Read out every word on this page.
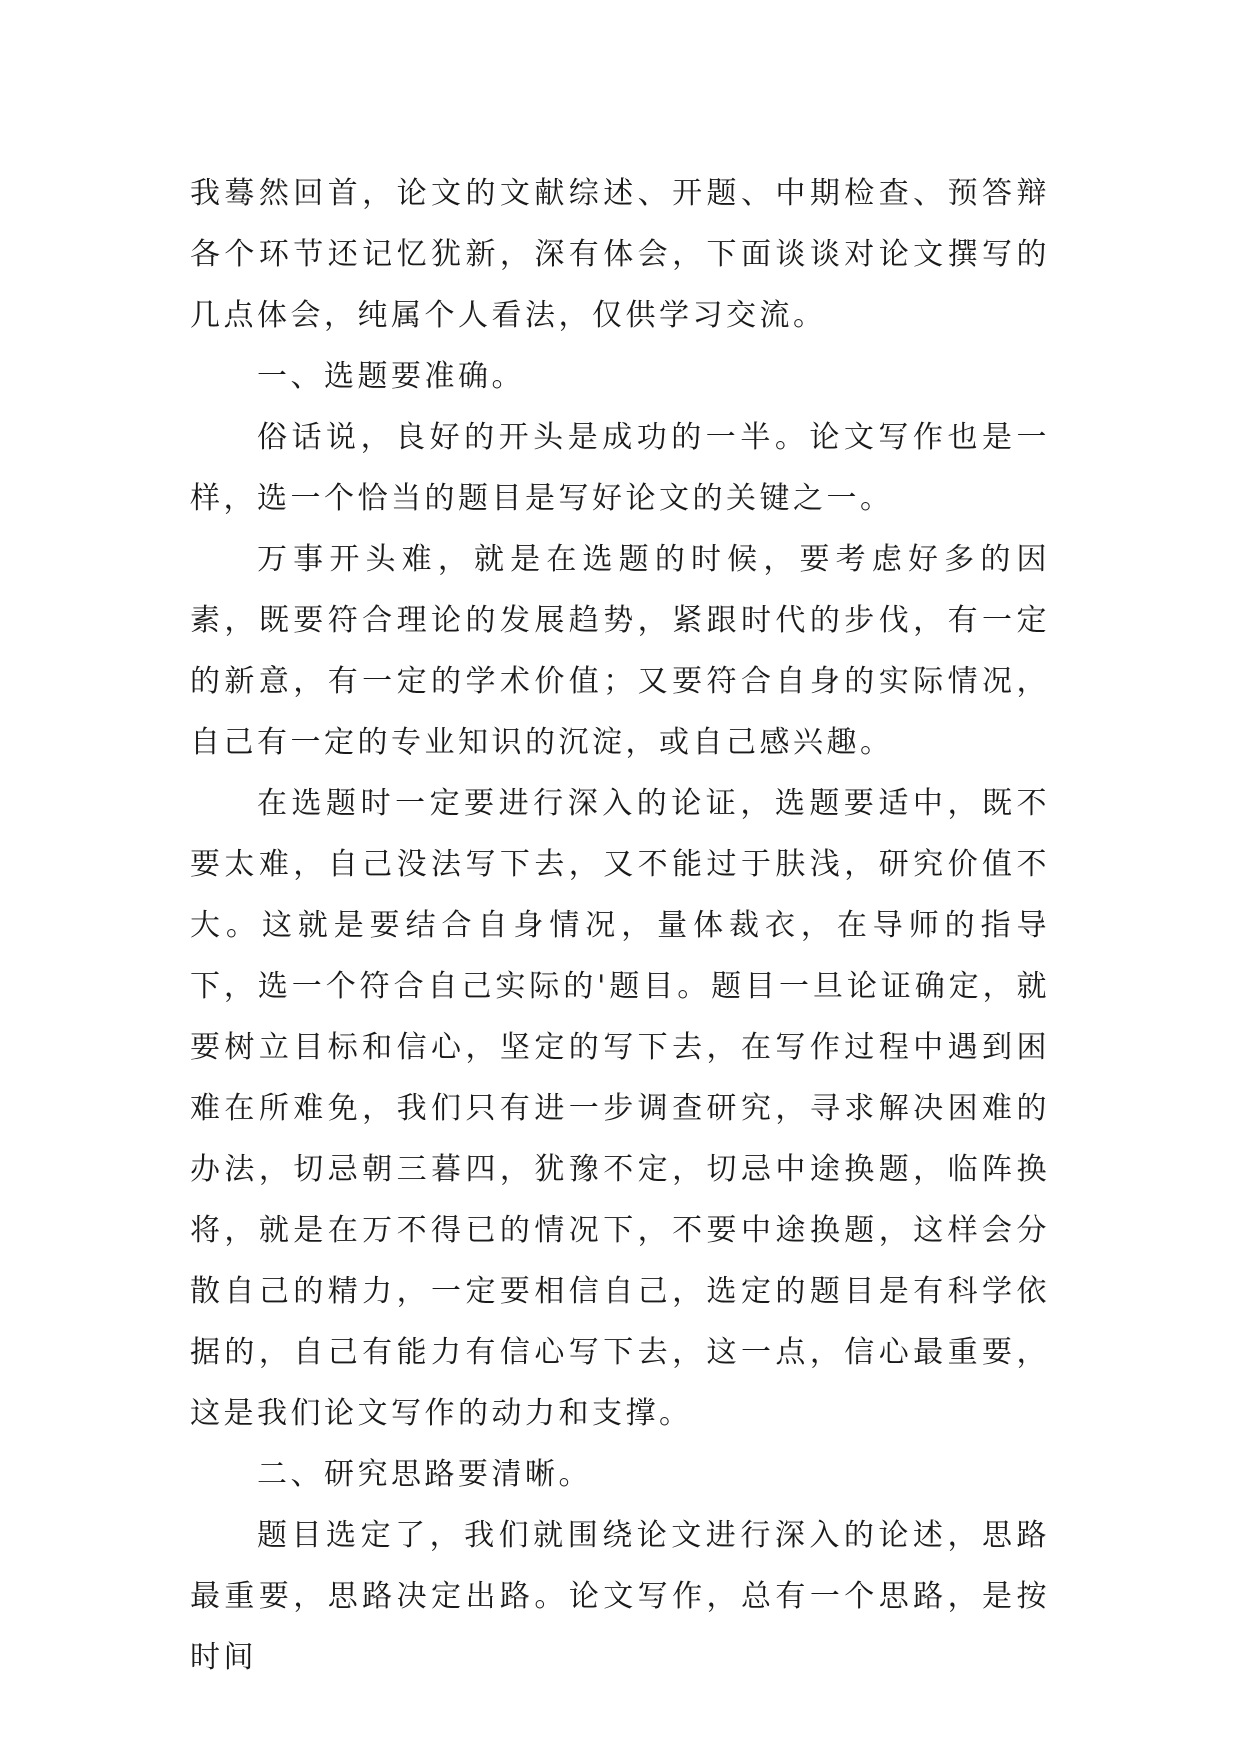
我蓦然回首，论文的文献综述、开题、中期检查、预答辩各个环节还记忆犹新，深有体会，下面谈谈对论文撰写的几点体会，纯属个人看法，仅供学习交流。

一、选题要准确。

俗话说，良好的开头是成功的一半。论文写作也是一样，选一个恰当的题目是写好论文的关键之一。

万事开头难，就是在选题的时候，要考虑好多的因素，既要符合理论的发展趋势，紧跟时代的步伐，有一定的新意，有一定的学术价值；又要符合自身的实际情况，自己有一定的专业知识的沉淀，或自己感兴趣。

在选题时一定要进行深入的论证，选题要适中，既不要太难，自己没法写下去，又不能过于肤浅，研究价值不大。这就是要结合自身情况，量体裁衣，在导师的指导下，选一个符合自己实际的'题目。题目一旦论证确定，就要树立目标和信心，坚定的写下去，在写作过程中遇到困难在所难免，我们只有进一步调查研究，寻求解决困难的办法，切忌朝三暮四，犹豫不定，切忌中途换题，临阵换将，就是在万不得已的情况下，不要中途换题，这样会分散自己的精力，一定要相信自己，选定的题目是有科学依据的，自己有能力有信心写下去，这一点，信心最重要，这是我们论文写作的动力和支撑。

二、研究思路要清晰。

题目选定了，我们就围绕论文进行深入的论述，思路最重要，思路决定出路。论文写作，总有一个思路，是按时间
